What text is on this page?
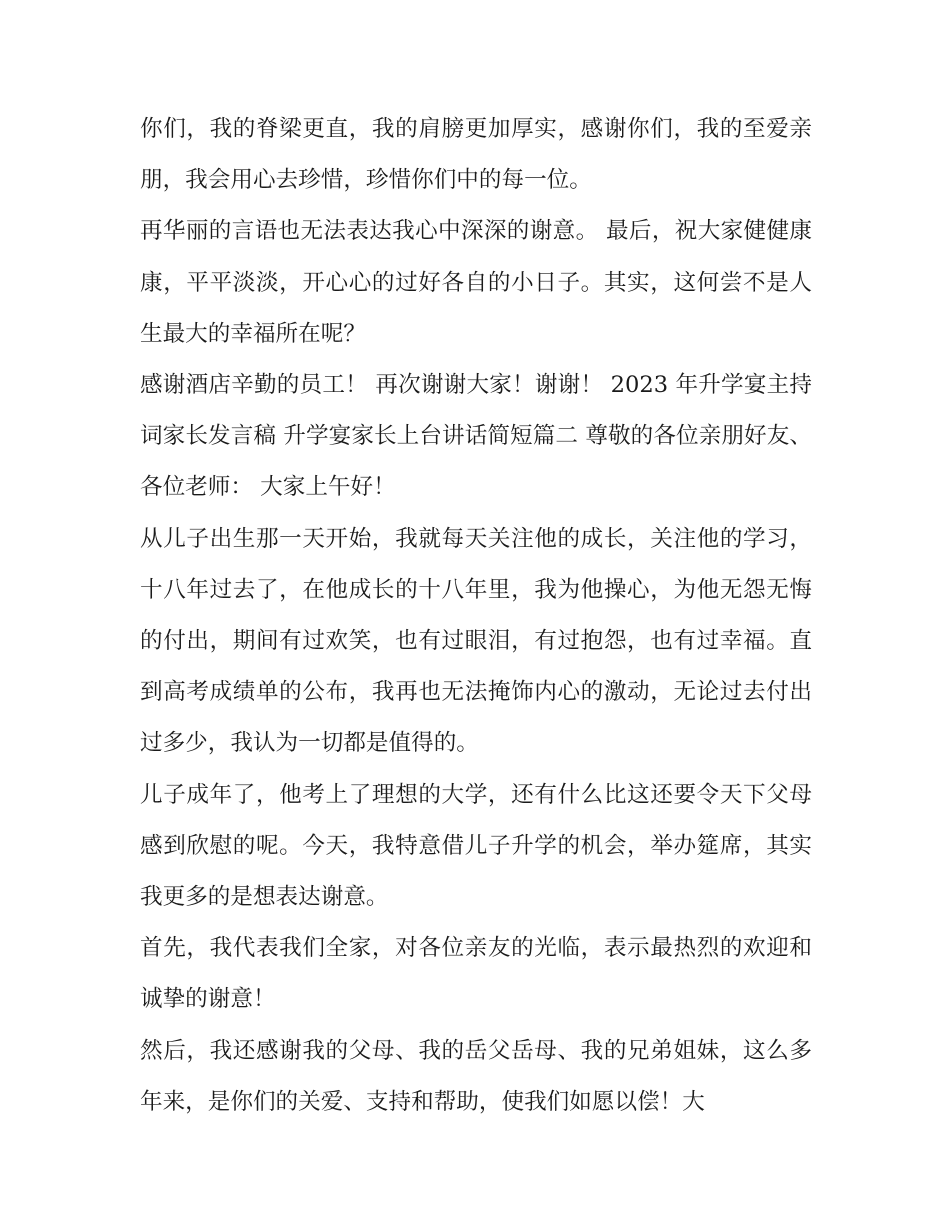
你们，我的脊梁更直，我的肩膀更加厚实，感谢你们，我的至爱亲朋，我会用心去珍惜，珍惜你们中的每一位。

再华丽的言语也无法表达我心中深深的谢意。 最后，祝大家健健康康，平平淡淡，开心心的过好各自的小日子。其实，这何尝不是人生最大的幸福所在呢？

感谢酒店辛勤的员工！ 再次谢谢大家！谢谢！ 2023 年升学宴主持词家长发言稿 升学宴家长上台讲话简短篇二 尊敬的各位亲朋好友、各位老师： 大家上午好！

从儿子出生那一天开始，我就每天关注他的成长，关注他的学习，十八年过去了，在他成长的十八年里，我为他操心，为他无怨无悔的付出，期间有过欢笑，也有过眼泪，有过抱怨，也有过幸福。直到高考成绩单的公布，我再也无法掩饰内心的激动，无论过去付出过多少，我认为一切都是值得的。

儿子成年了，他考上了理想的大学，还有什么比这还要令天下父母感到欣慰的呢。今天，我特意借儿子升学的机会，举办筵席，其实我更多的是想表达谢意。

首先，我代表我们全家，对各位亲友的光临，表示最热烈的欢迎和诚挚的谢意！

然后，我还感谢我的父母、我的岳父岳母、我的兄弟姐妹，这么多年来，是你们的关爱、支持和帮助，使我们如愿以偿！大
